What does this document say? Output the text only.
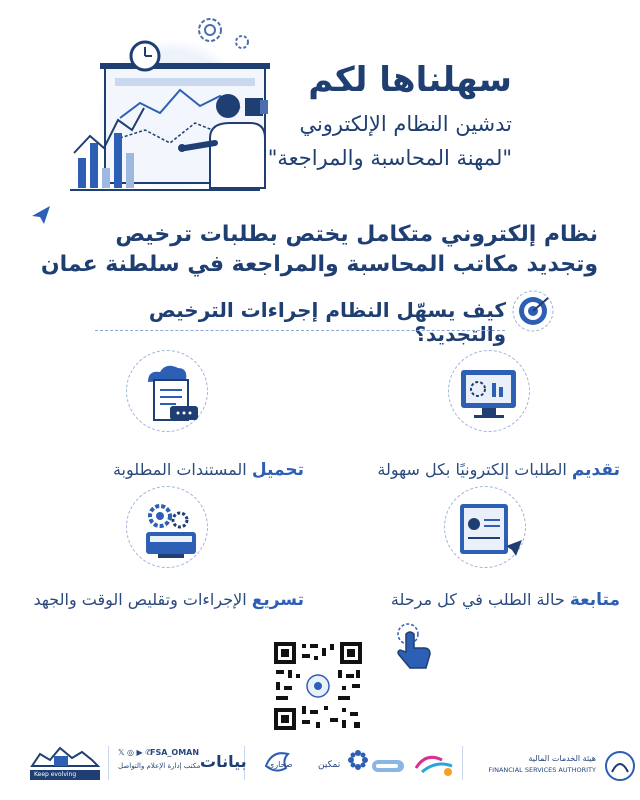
سهلناها لكم
تدشين النظام الإلكتروني
"لمهنة المحاسبة والمراجعة"
نظام إلكتروني متكامل يختص بطلبات ترخيص
وتجديد مكاتب المحاسبة والمراجعة في سلطنة عمان
كيف يسهّل النظام إجراءات الترخيص والتجديد؟
تقديم الطلبات إلكترونيًا بكل سهولة
تحميل المستندات المطلوبة
متابعة حالة الطلب في كل مرحلة
تسريع الإجراءات وتقليص الوقت والجهد
هيئة الخدمات المالية
FINANCIAL SERVICES AUTHORITY
تمكين
صحاري
بيانات
𝕏 ◎ ▶ ✆
FSA_OMAN
مكتب إدارة الإعلام والتواصل
Keep evolving
